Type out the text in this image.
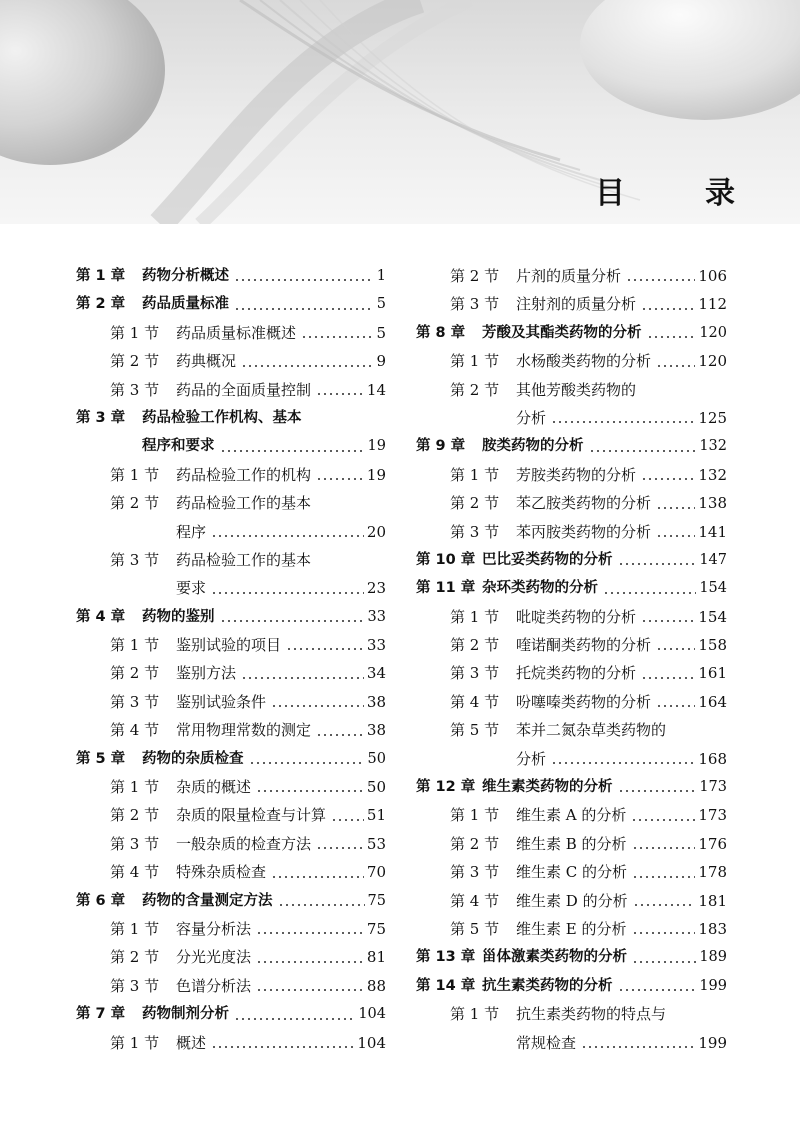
目	录
第 1 章	药物分析概述	1
第 2 章	药品质量标准	5
第 1 节	药品质量标准概述	5
第 2 节	药典概况	9
第 3 节	药品的全面质量控制	14
第 3 章	药品检验工作机构、基本
程序和要求	19
第 1 节	药品检验工作的机构	19
第 2 节	药品检验工作的基本
程序	20
第 3 节	药品检验工作的基本
要求	23
第 4 章	药物的鉴别	33
第 1 节	鉴别试验的项目	33
第 2 节	鉴别方法	34
第 3 节	鉴别试验条件	38
第 4 节	常用物理常数的测定	38
第 5 章	药物的杂质检查	50
第 1 节	杂质的概述	50
第 2 节	杂质的限量检查与计算	51
第 3 节	一般杂质的检查方法	53
第 4 节	特殊杂质检查	70
第 6 章	药物的含量测定方法	75
第 1 节	容量分析法	75
第 2 节	分光光度法	81
第 3 节	色谱分析法	88
第 7 章	药物制剂分析	104
第 1 节	概述	104
第 2 节	片剂的质量分析	106
第 3 节	注射剂的质量分析	112
第 8 章	芳酸及其酯类药物的分析	120
第 1 节	水杨酸类药物的分析	120
第 2 节	其他芳酸类药物的
分析	125
第 9 章	胺类药物的分析	132
第 1 节	芳胺类药物的分析	132
第 2 节	苯乙胺类药物的分析	138
第 3 节	苯丙胺类药物的分析	141
第 10 章 巴比妥类药物的分析	147
第 11 章 杂环类药物的分析	154
第 1 节	吡啶类药物的分析	154
第 2 节	喹诺酮类药物的分析	158
第 3 节	托烷类药物的分析	161
第 4 节	吩噻嗪类药物的分析	164
第 5 节	苯并二氮杂草类药物的
分析	168
第 12 章 维生素类药物的分析	173
第 1 节	维生素 A 的分析	173
第 2 节	维生素 B 的分析	176
第 3 节	维生素 C 的分析	178
第 4 节	维生素 D 的分析	181
第 5 节	维生素 E 的分析	183
第 13 章 甾体激素类药物的分析	189
第 14 章 抗生素类药物的分析	199
第 1 节	抗生素类药物的特点与
常规检查	199
